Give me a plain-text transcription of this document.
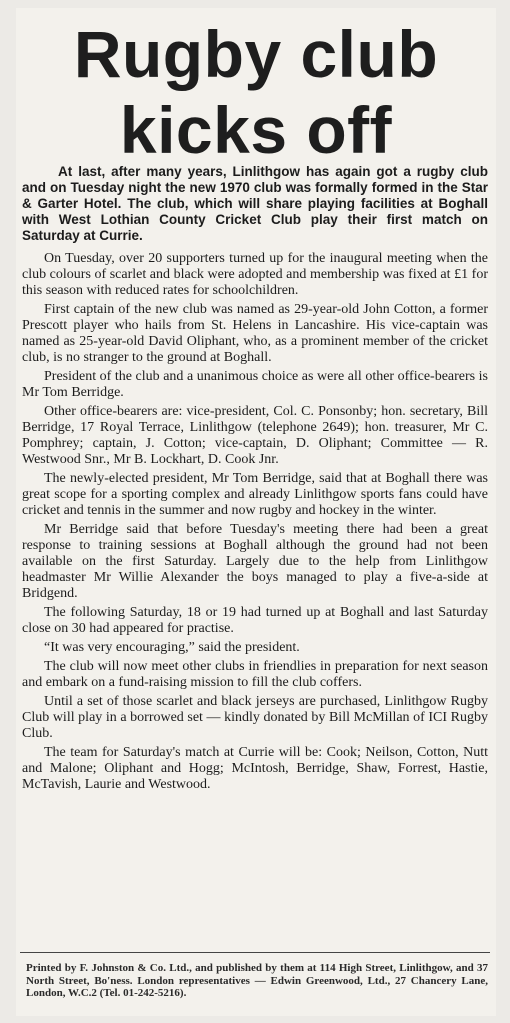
Rugby club
kicks off

At last, after many years, Linlithgow has again got a rugby club and on Tuesday night the new 1970 club was formally formed in the Star & Garter Hotel. The club, which will share playing facilities at Boghall with West Lothian County Cricket Club play their first match on Saturday at Currie.

On Tuesday, over 20 supporters turned up for the inaugural meeting when the club colours of scarlet and black were adopted and membership was fixed at £1 for this season with reduced rates for schoolchildren.

First captain of the new club was named as 29-year-old John Cotton, a former Prescott player who hails from St. Helens in Lancashire. His vice-captain was named as 25-year-old David Oliphant, who, as a prominent member of the cricket club, is no stranger to the ground at Boghall.

President of the club and a unanimous choice as were all other office-bearers is Mr Tom Berridge.

Other office-bearers are: vice-president, Col. C. Ponsonby; hon. secretary, Bill Berridge, 17 Royal Terrace, Linlithgow (telephone 2649); hon. treasurer, Mr C. Pomphrey; captain, J. Cotton; vice-captain, D. Oliphant; Committee — R. Westwood Snr., Mr B. Lockhart, D. Cook Jnr.

The newly-elected president, Mr Tom Berridge, said that at Boghall there was great scope for a sporting complex and already Linlithgow sports fans could have cricket and tennis in the summer and now rugby and hockey in the winter.

Mr Berridge said that before Tuesday's meeting there had been a great response to training sessions at Boghall although the ground had not been available on the first Saturday. Largely due to the help from Linlithgow headmaster Mr Willie Alexander the boys managed to play a five-a-side at Bridgend.

The following Saturday, 18 or 19 had turned up at Boghall and last Saturday close on 30 had appeared for practise.

“It was very encouraging,” said the president.

The club will now meet other clubs in friendlies in preparation for next season and embark on a fund-raising mission to fill the club coffers.

Until a set of those scarlet and black jerseys are purchased, Linlithgow Rugby Club will play in a borrowed set — kindly donated by Bill McMillan of ICI Rugby Club.

The team for Saturday's match at Currie will be: Cook; Neilson, Cotton, Nutt and Malone; Oliphant and Hogg; McIntosh, Berridge, Shaw, Forrest, Hastie, McTavish, Laurie and Westwood.

Printed by F. Johnston & Co. Ltd., and published by them at 114 High Street, Linlithgow, and 37 North Street, Bo'ness. London representatives — Edwin Greenwood, Ltd., 27 Chancery Lane, London, W.C.2 (Tel. 01-242-5216).
